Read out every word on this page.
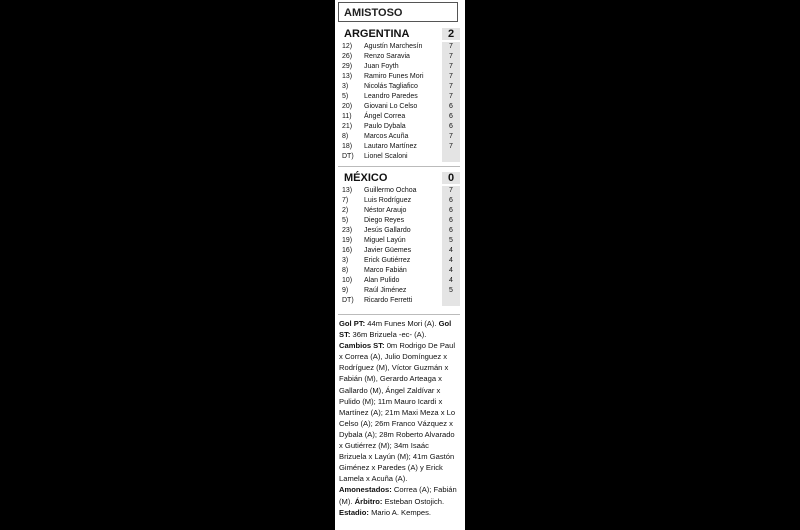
AMISTOSO
ARGENTINA	2
12)	Agustín Marchesín	7
26)	Renzo Saravia	7
29)	Juan Foyth	7
13)	Ramiro Funes Mori	7
3)	Nicolás Tagliafico	7
5)	Leandro Paredes	7
20)	Giovani Lo Celso	6
11)	Ángel Correa	6
21)	Paulo Dybala	6
8)	Marcos Acuña	7
18)	Lautaro Martínez	7
DT)	Lionel Scaloni
MÉXICO	0
13)	Guillermo Ochoa	7
7)	Luis Rodríguez	6
2)	Néstor Araujo	6
5)	Diego Reyes	6
23)	Jesús Gallardo	6
19)	Miguel Layún	5
16)	Javier Güemes	4
3)	Erick Gutiérrez	4
8)	Marco Fabián	4
10)	Alan Pulido	4
9)	Raúl Jiménez	5
DT)	Ricardo Ferretti
Gol PT: 44m Funes Mori (A). Gol ST: 36m Brizuela -ec- (A). Cambios ST: 0m Rodrigo De Paul x Correa (A), Julio Domínguez x Rodríguez (M), Víctor Guzmán x Fabián (M), Gerardo Arteaga x Gallardo (M), Ángel Zaldívar x Pulido (M); 11m Mauro Icardi x Martínez (A); 21m Maxi Meza x Lo Celso (A); 26m Franco Vázquez x Dybala (A); 28m Roberto Alvarado x Gutiérrez (M); 34m Isaác Brizuela x Layún (M); 41m Gastón Giménez x Paredes (A) y Erick Lamela x Acuña (A). Amonestados: Correa (A); Fabián (M). Árbitro: Esteban Ostojich. Estadio: Mario A. Kempes.
